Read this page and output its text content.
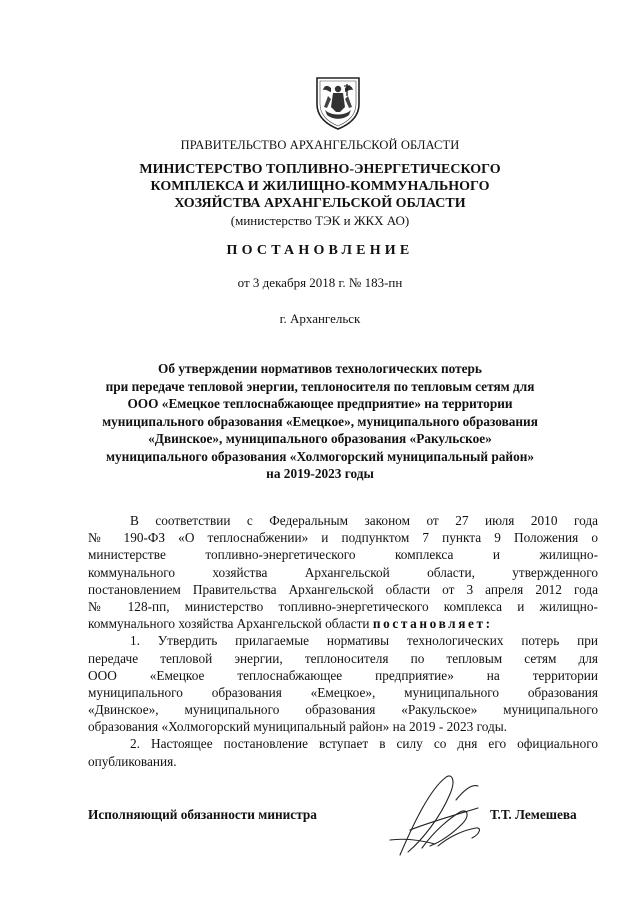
ПРАВИТЕЛЬСТВО АРХАНГЕЛЬСКОЙ ОБЛАСТИ
МИНИСТЕРСТВО ТОПЛИВНО-ЭНЕРГЕТИЧЕСКОГО
КОМПЛЕКСА И ЖИЛИЩНО-КОММУНАЛЬНОГО
ХОЗЯЙСТВА АРХАНГЕЛЬСКОЙ ОБЛАСТИ
(министерство ТЭК и ЖКХ АО)
ПОСТАНОВЛЕНИЕ
от 3 декабря 2018 г. № 183-пн
г. Архангельск
Об утверждении нормативов технологических потерь
при передаче тепловой энергии, теплоносителя по тепловым сетям для
ООО «Емецкое теплоснабжающее предприятие» на территории
муниципального образования «Емецкое», муниципального образования
«Двинское», муниципального образования «Ракульское»
муниципального образования «Холмогорский муниципальный район»
на 2019-2023 годы
В соответствии с Федеральным законом от 27 июля 2010 года
№ 190-ФЗ «О теплоснабжении» и подпунктом 7 пункта 9 Положения о
министерстве топливно-энергетического комплекса и жилищно-
коммунального хозяйства Архангельской области, утвержденного
постановлением Правительства Архангельской области от 3 апреля 2012 года
№ 128-пп, министерство топливно-энергетического комплекса и жилищно-
коммунального хозяйства Архангельской области постановляет:
1. Утвердить прилагаемые нормативы технологических потерь при
передаче тепловой энергии, теплоносителя по тепловым сетям для
ООО «Емецкое теплоснабжающее предприятие» на территории
муниципального образования «Емецкое», муниципального образования
«Двинское», муниципального образования «Ракульское» муниципального
образования «Холмогорский муниципальный район» на 2019 - 2023 годы.
2. Настоящее постановление вступает в силу со дня его официального
опубликования.
Исполняющий обязанности министра	Т.Т. Лемешева
